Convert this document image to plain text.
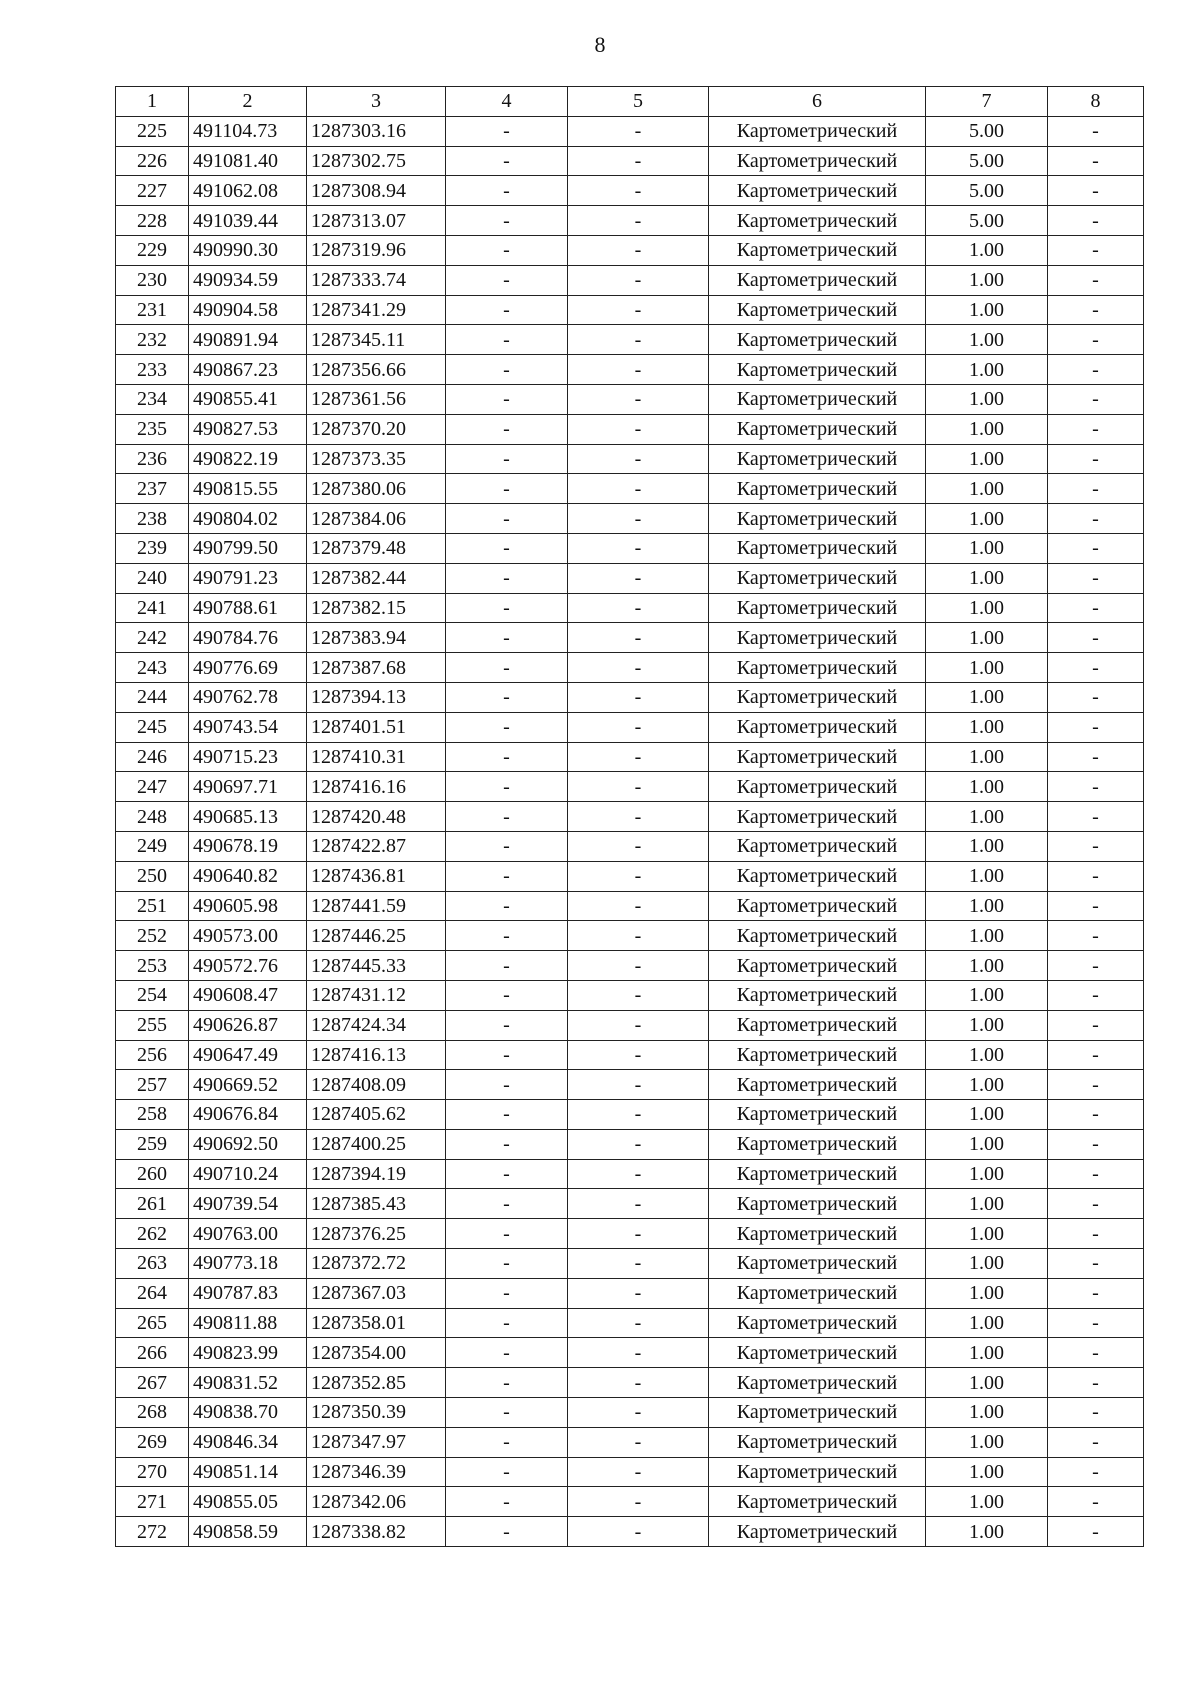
8
1	2	3	4	5	6	7	8
225	491104.73	1287303.16	-	-	Картометрический	5.00	-
226	491081.40	1287302.75	-	-	Картометрический	5.00	-
227	491062.08	1287308.94	-	-	Картометрический	5.00	-
228	491039.44	1287313.07	-	-	Картометрический	5.00	-
229	490990.30	1287319.96	-	-	Картометрический	1.00	-
230	490934.59	1287333.74	-	-	Картометрический	1.00	-
231	490904.58	1287341.29	-	-	Картометрический	1.00	-
232	490891.94	1287345.11	-	-	Картометрический	1.00	-
233	490867.23	1287356.66	-	-	Картометрический	1.00	-
234	490855.41	1287361.56	-	-	Картометрический	1.00	-
235	490827.53	1287370.20	-	-	Картометрический	1.00	-
236	490822.19	1287373.35	-	-	Картометрический	1.00	-
237	490815.55	1287380.06	-	-	Картометрический	1.00	-
238	490804.02	1287384.06	-	-	Картометрический	1.00	-
239	490799.50	1287379.48	-	-	Картометрический	1.00	-
240	490791.23	1287382.44	-	-	Картометрический	1.00	-
241	490788.61	1287382.15	-	-	Картометрический	1.00	-
242	490784.76	1287383.94	-	-	Картометрический	1.00	-
243	490776.69	1287387.68	-	-	Картометрический	1.00	-
244	490762.78	1287394.13	-	-	Картометрический	1.00	-
245	490743.54	1287401.51	-	-	Картометрический	1.00	-
246	490715.23	1287410.31	-	-	Картометрический	1.00	-
247	490697.71	1287416.16	-	-	Картометрический	1.00	-
248	490685.13	1287420.48	-	-	Картометрический	1.00	-
249	490678.19	1287422.87	-	-	Картометрический	1.00	-
250	490640.82	1287436.81	-	-	Картометрический	1.00	-
251	490605.98	1287441.59	-	-	Картометрический	1.00	-
252	490573.00	1287446.25	-	-	Картометрический	1.00	-
253	490572.76	1287445.33	-	-	Картометрический	1.00	-
254	490608.47	1287431.12	-	-	Картометрический	1.00	-
255	490626.87	1287424.34	-	-	Картометрический	1.00	-
256	490647.49	1287416.13	-	-	Картометрический	1.00	-
257	490669.52	1287408.09	-	-	Картометрический	1.00	-
258	490676.84	1287405.62	-	-	Картометрический	1.00	-
259	490692.50	1287400.25	-	-	Картометрический	1.00	-
260	490710.24	1287394.19	-	-	Картометрический	1.00	-
261	490739.54	1287385.43	-	-	Картометрический	1.00	-
262	490763.00	1287376.25	-	-	Картометрический	1.00	-
263	490773.18	1287372.72	-	-	Картометрический	1.00	-
264	490787.83	1287367.03	-	-	Картометрический	1.00	-
265	490811.88	1287358.01	-	-	Картометрический	1.00	-
266	490823.99	1287354.00	-	-	Картометрический	1.00	-
267	490831.52	1287352.85	-	-	Картометрический	1.00	-
268	490838.70	1287350.39	-	-	Картометрический	1.00	-
269	490846.34	1287347.97	-	-	Картометрический	1.00	-
270	490851.14	1287346.39	-	-	Картометрический	1.00	-
271	490855.05	1287342.06	-	-	Картометрический	1.00	-
272	490858.59	1287338.82	-	-	Картометрический	1.00	-
